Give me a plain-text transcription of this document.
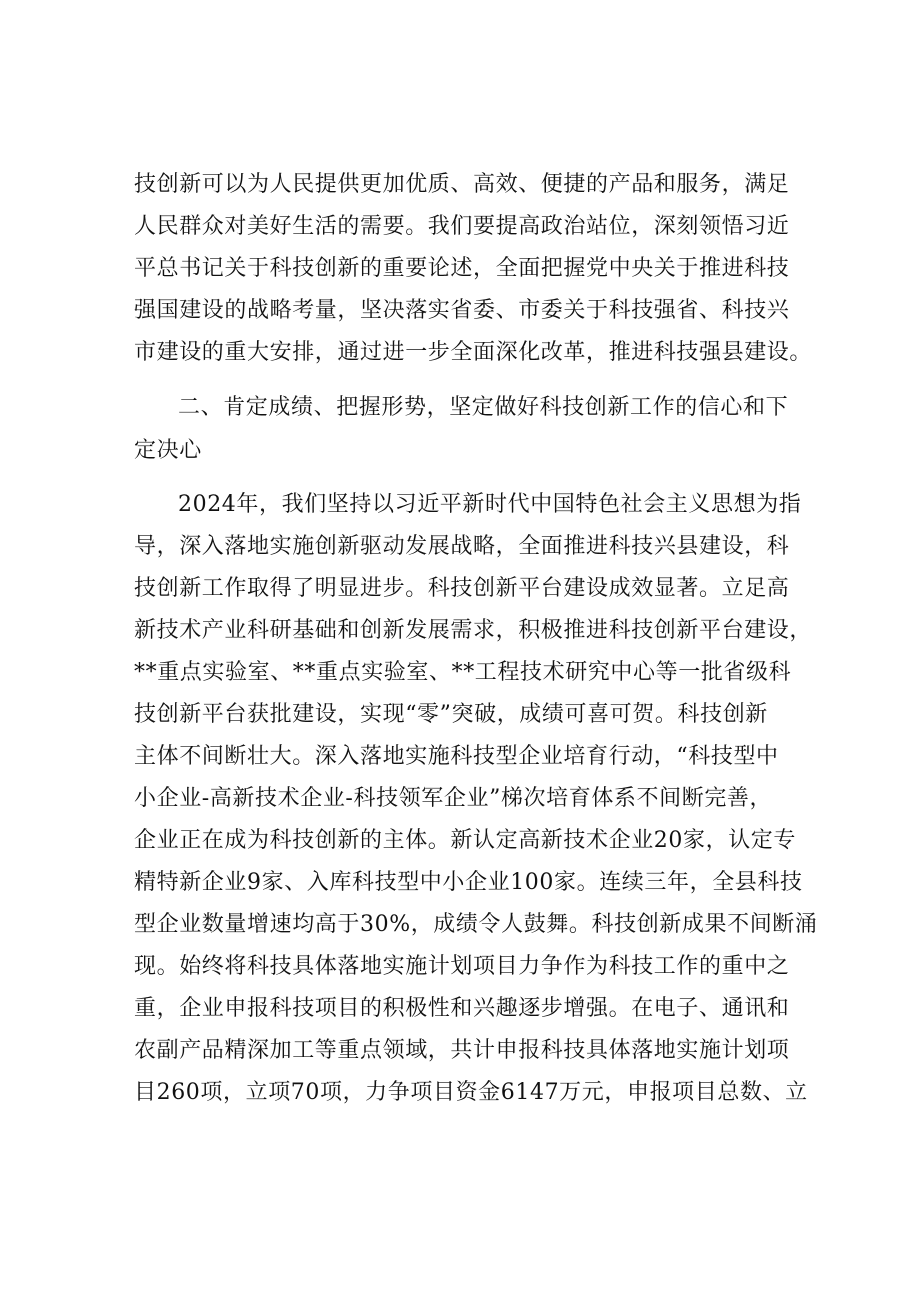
技创新可以为人民提供更加优质、高效、便捷的产品和服务，满足
人民群众对美好生活的需要。我们要提高政治站位，深刻领悟习近
平总书记关于科技创新的重要论述，全面把握党中央关于推进科技
强国建设的战略考量，坚决落实省委、市委关于科技强省、科技兴
市建设的重大安排，通过进一步全面深化改革，推进科技强县建设。
二、肯定成绩、把握形势，坚定做好科技创新工作的信心和下
定决心
2024年，我们坚持以习近平新时代中国特色社会主义思想为指
导，深入落地实施创新驱动发展战略，全面推进科技兴县建设，科
技创新工作取得了明显进步。科技创新平台建设成效显著。立足高
新技术产业科研基础和创新发展需求，积极推进科技创新平台建设，
**重点实验室、**重点实验室、**工程技术研究中心等一批省级科
技创新平台获批建设，实现“零”突破，成绩可喜可贺。科技创新
主体不间断壮大。深入落地实施科技型企业培育行动，“科技型中
小企业-高新技术企业-科技领军企业”梯次培育体系不间断完善，
企业正在成为科技创新的主体。新认定高新技术企业20家，认定专
精特新企业9家、入库科技型中小企业100家。连续三年，全县科技
型企业数量增速均高于30%，成绩令人鼓舞。科技创新成果不间断涌
现。始终将科技具体落地实施计划项目力争作为科技工作的重中之
重，企业申报科技项目的积极性和兴趣逐步增强。在电子、通讯和
农副产品精深加工等重点领域，共计申报科技具体落地实施计划项
目260项，立项70项，力争项目资金6147万元，申报项目总数、立
